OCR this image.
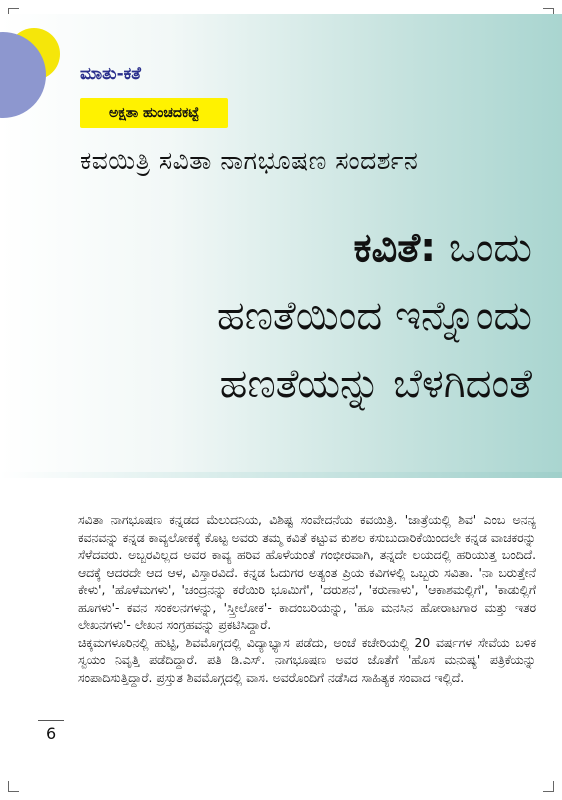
ಮಾತು-ಕತೆ
ಅಕ್ಷತಾ ಹುಂಚದಕಟ್ಟೆ
ಕವಯಿತ್ರಿ ಸವಿತಾ ನಾಗಭೂಷಣ ಸಂದರ್ಶನ
ಕವಿತೆ: ಒಂದು
ಹಣತೆಯಿಂದ ಇನ್ನೊಂದು
ಹಣತೆಯನ್ನು ಬೆಳಗಿದಂತೆ

ಸವಿತಾ ನಾಗಭೂಷಣ ಕನ್ನಡದ ಮೆಲುದನಿಯ, ವಿಶಿಷ್ಟ ಸಂವೇದನೆಯ ಕವಯಿತ್ರಿ. 'ಜಾತ್ರೆಯಲ್ಲಿ ಶಿವ' ಎಂಬ ಅನನ್ಯ ಕವನವನ್ನು ಕನ್ನಡ ಕಾವ್ಯಲೋಕಕ್ಕೆ ಕೊಟ್ಟ ಅವರು ತಮ್ಮ ಕವಿತೆ ಕಟ್ಟುವ ಕುಶಲ ಕಸುಬುದಾರಿಕೆಯಿಂದಲೇ ಕನ್ನಡ ವಾಚಕರನ್ನು ಸೆಳೆದವರು. ಅಬ್ಬರವಿಲ್ಲದ ಅವರ ಕಾವ್ಯ ಹರಿವ ಹೊಳೆಯಂತೆ ಗಂಭೀರವಾಗಿ, ತನ್ನದೇ ಲಯದಲ್ಲಿ ಹರಿಯುತ್ತ ಬಂದಿದೆ. ಆದಕ್ಕೆ ಆದರದೇ ಆದ ಆಳ, ವಿಸ್ತಾರವಿದೆ. ಕನ್ನಡ ಓದುಗರ ಅತ್ಯಂತ ಪ್ರಿಯ ಕವಿಗಳಲ್ಲಿ ಒಬ್ಬರು ಸವಿತಾ. 'ನಾ ಬರುತ್ತೇನೆ ಕೇಳು', 'ಹೊಳೆಮಗಳು', 'ಚಂದ್ರನನ್ನು ಕರೆಯಿರಿ ಭೂಮಿಗೆ', 'ದರುಶನ', 'ಕರುಣಾಳು', 'ಆಕಾಶಮಲ್ಲಿಗೆ', 'ಕಾಡುಲ್ಲಿಗೆ ಹೂಗಳು'- ಕವನ ಸಂಕಲನಗಳನ್ನು, 'ಸ್ತ್ರೀಲೋಕ'- ಕಾದಂಬರಿಯನ್ನು, 'ಹೂ ಮನಸಿನ ಹೋರಾಟಗಾರ ಮತ್ತು ಇತರ ಲೇಖನಗಳು'- ಲೇಖನ ಸಂಗ್ರಹವನ್ನು ಪ್ರಕಟಿಸಿದ್ದಾರೆ.

ಚಿಕ್ಕಮಗಳೂರಿನಲ್ಲಿ ಹುಟ್ಟಿ, ಶಿವಮೊಗ್ಗದಲ್ಲಿ ವಿದ್ಯಾಭ್ಯಾಸ ಪಡೆದು, ಅಂಚೆ ಕಚೇರಿಯಲ್ಲಿ 20 ವರ್ಷಗಳ ಸೇವೆಯ ಬಳಿಕ ಸ್ವಯಂ ನಿವೃತ್ತಿ ಪಡೆದಿದ್ದಾರೆ. ಪತಿ ಡಿ.ಎಸ್. ನಾಗಭೂಷಣ ಅವರ ಜೊತೆಗೆ 'ಹೊಸ ಮನುಷ್ಯ' ಪತ್ರಿಕೆಯನ್ನು ಸಂಪಾದಿಸುತ್ತಿದ್ದಾರೆ. ಪ್ರಸ್ತುತ ಶಿವಮೊಗ್ಗದಲ್ಲಿ ವಾಸ. ಅವರೊಂದಿಗೆ ನಡೆಸಿದ ಸಾಹಿತ್ಯಕ ಸಂವಾದ ಇಲ್ಲಿದೆ.

6
